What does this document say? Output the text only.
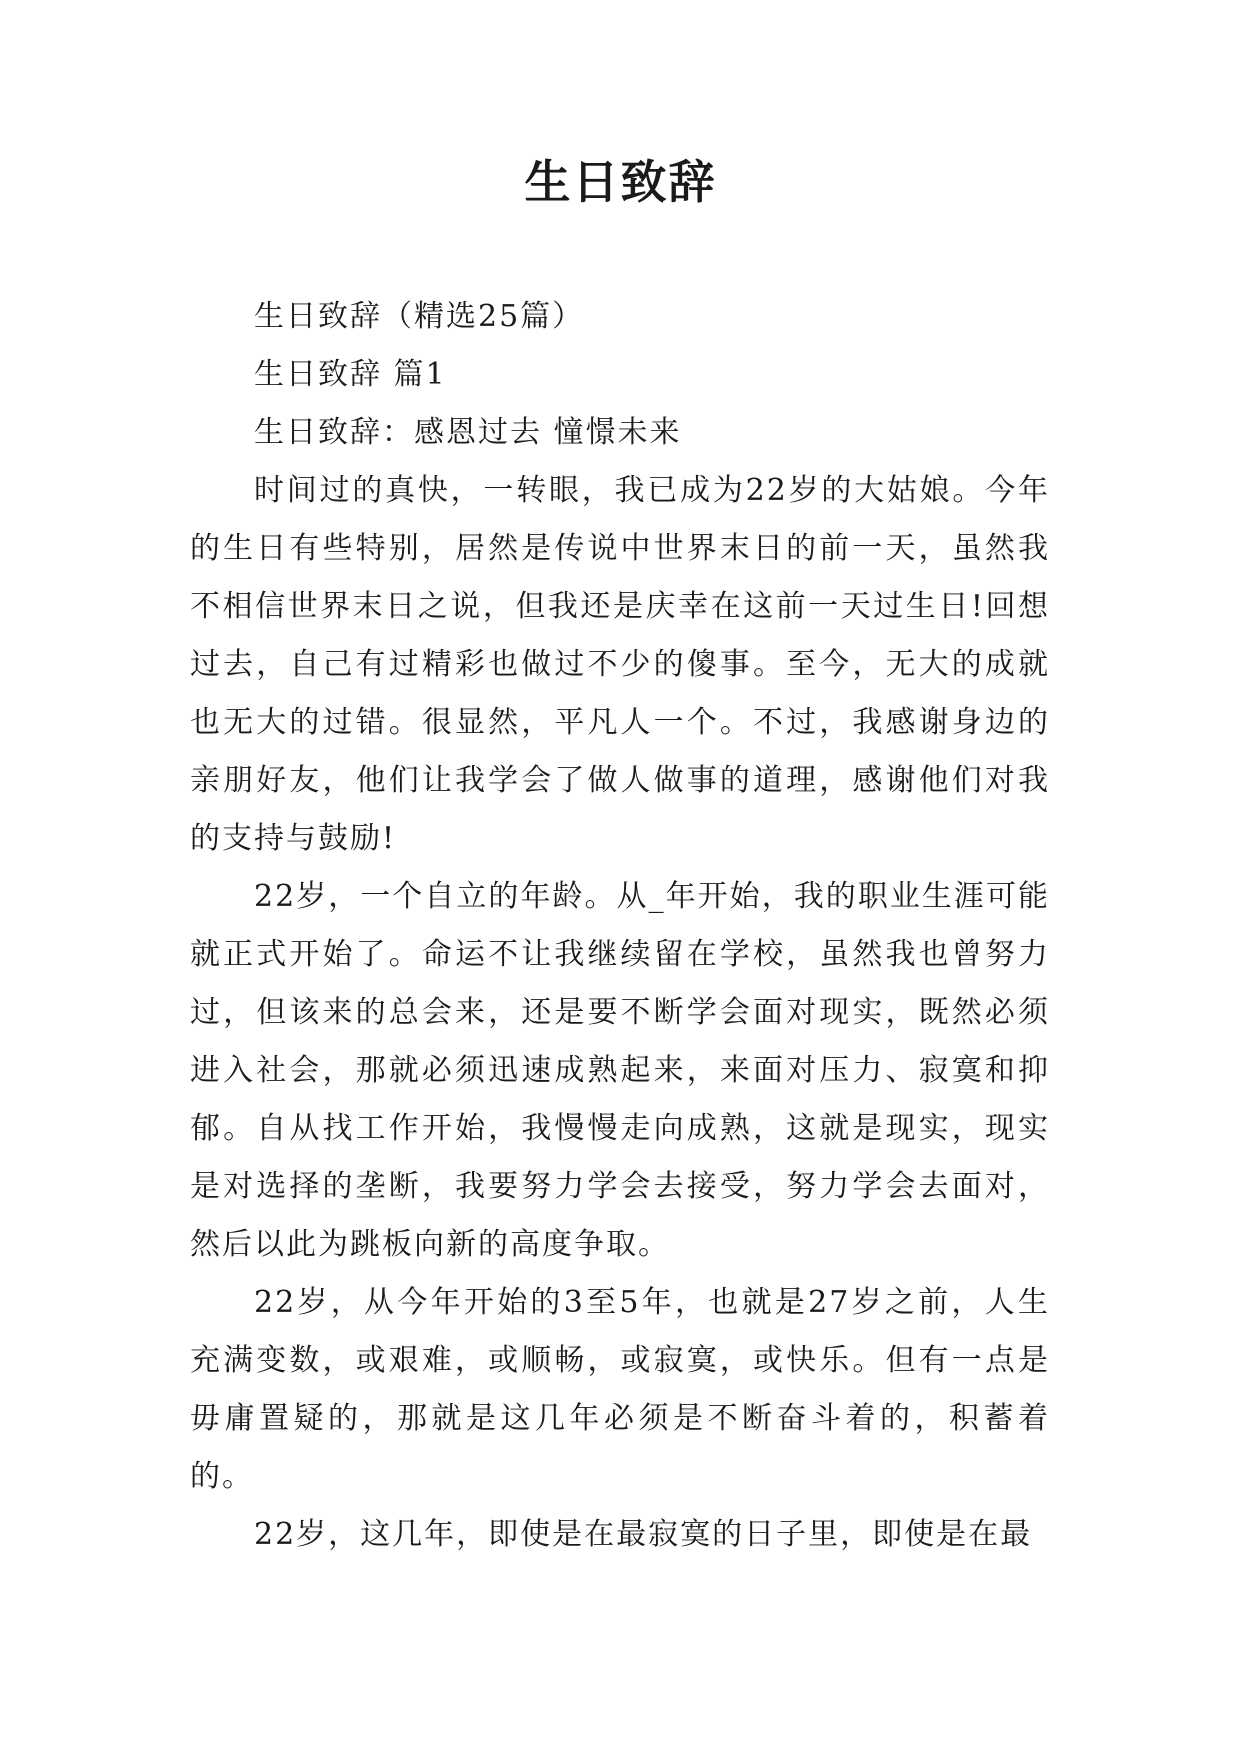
生日致辞

生日致辞（精选25篇）

生日致辞 篇1

生日致辞：感恩过去 憧憬未来

时间过的真快，一转眼，我已成为22岁的大姑娘。今年的生日有些特别，居然是传说中世界末日的前一天，虽然我不相信世界末日之说，但我还是庆幸在这前一天过生日!回想过去，自己有过精彩也做过不少的傻事。至今，无大的成就也无大的过错。很显然，平凡人一个。不过，我感谢身边的亲朋好友，他们让我学会了做人做事的道理，感谢他们对我的支持与鼓励!

22岁，一个自立的年龄。从_年开始，我的职业生涯可能就正式开始了。命运不让我继续留在学校，虽然我也曾努力过，但该来的总会来，还是要不断学会面对现实，既然必须进入社会，那就必须迅速成熟起来，来面对压力、寂寞和抑郁。自从找工作开始，我慢慢走向成熟，这就是现实，现实是对选择的垄断，我要努力学会去接受，努力学会去面对，然后以此为跳板向新的高度争取。

22岁，从今年开始的3至5年，也就是27岁之前，人生充满变数，或艰难，或顺畅，或寂寞，或快乐。但有一点是毋庸置疑的，那就是这几年必须是不断奋斗着的，积蓄着的。

22岁，这几年，即使是在最寂寞的日子里，即使是在最
